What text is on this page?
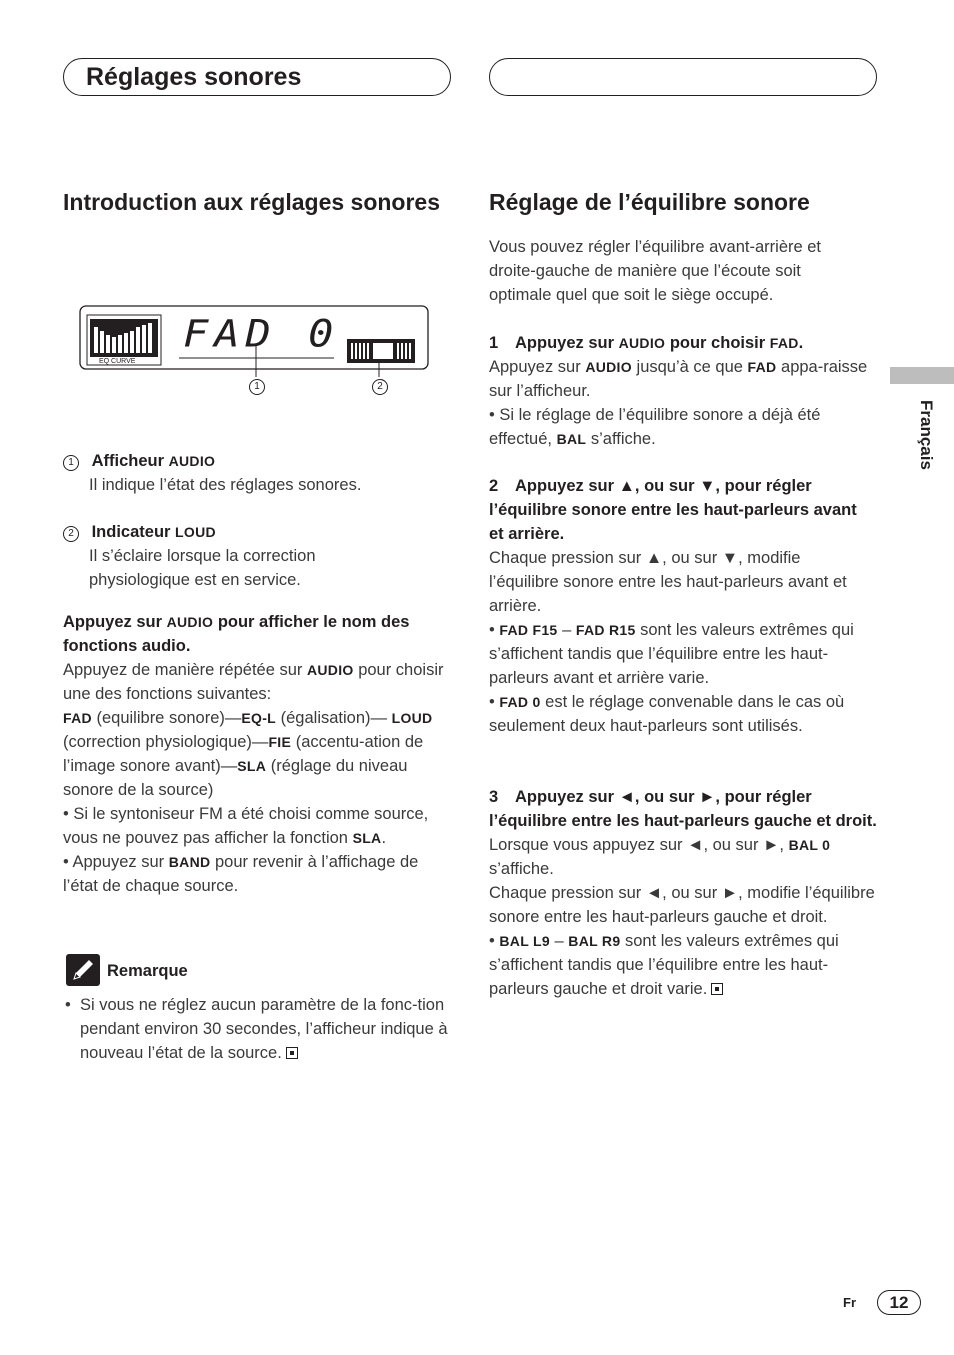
Réglages sonores
Introduction aux réglages sonores
EQ CURVE
FAD 0
1	2
1 Afficheur AUDIO

Il indique l’état des réglages sonores.
2 Indicateur LOUD

Il s’éclaire lorsque la correction physiologique est en service.
Appuyez sur AUDIO pour afficher le nom des fonctions audio.
Appuyez de manière répétée sur AUDIO pour choisir une des fonctions suivantes:
FAD (equilibre sonore)—EQ-L (égalisation)— LOUD (correction physiologique)—FIE (accentu-ation de l’image sonore avant)—SLA (réglage du niveau sonore de la source)
• Si le syntoniseur FM a été choisi comme source, vous ne pouvez pas afficher la fonction SLA.
• Appuyez sur BAND pour revenir à l’affichage de l’état de chaque source.
Remarque
• Si vous ne réglez aucun paramètre de la fonc-tion pendant environ 30 secondes, l’afficheur indique à nouveau l’état de la source.
Réglage de l’équilibre sonore
Vous pouvez régler l’équilibre avant-arrière et droite-gauche de manière que l’écoute soit optimale quel que soit le siège occupé.
1 Appuyez sur AUDIO pour choisir FAD.
Appuyez sur AUDIO jusqu’à ce que FAD appa-raisse sur l’afficheur.
• Si le réglage de l’équilibre sonore a déjà été effectué, BAL s’affiche.
2 Appuyez sur ▲, ou sur ▼, pour régler l’équilibre sonore entre les haut-parleurs avant et arrière.
Chaque pression sur ▲, ou sur ▼, modifie l’équilibre sonore entre les haut-parleurs avant et arrière.
• FAD F15 – FAD R15 sont les valeurs extrêmes qui s’affichent tandis que l’équilibre entre les haut-parleurs avant et arrière varie.
• FAD 0 est le réglage convenable dans le cas où seulement deux haut-parleurs sont utilisés.
3 Appuyez sur ◄, ou sur ►, pour régler l’équilibre entre les haut-parleurs gauche et droit.
Lorsque vous appuyez sur ◄, ou sur ►, BAL 0 s’affiche.
Chaque pression sur ◄, ou sur ►, modifie l’équilibre sonore entre les haut-parleurs gauche et droit.
• BAL L9 – BAL R9 sont les valeurs extrêmes qui s’affichent tandis que l’équilibre entre les haut-parleurs gauche et droit varie.
Français
Fr	12
